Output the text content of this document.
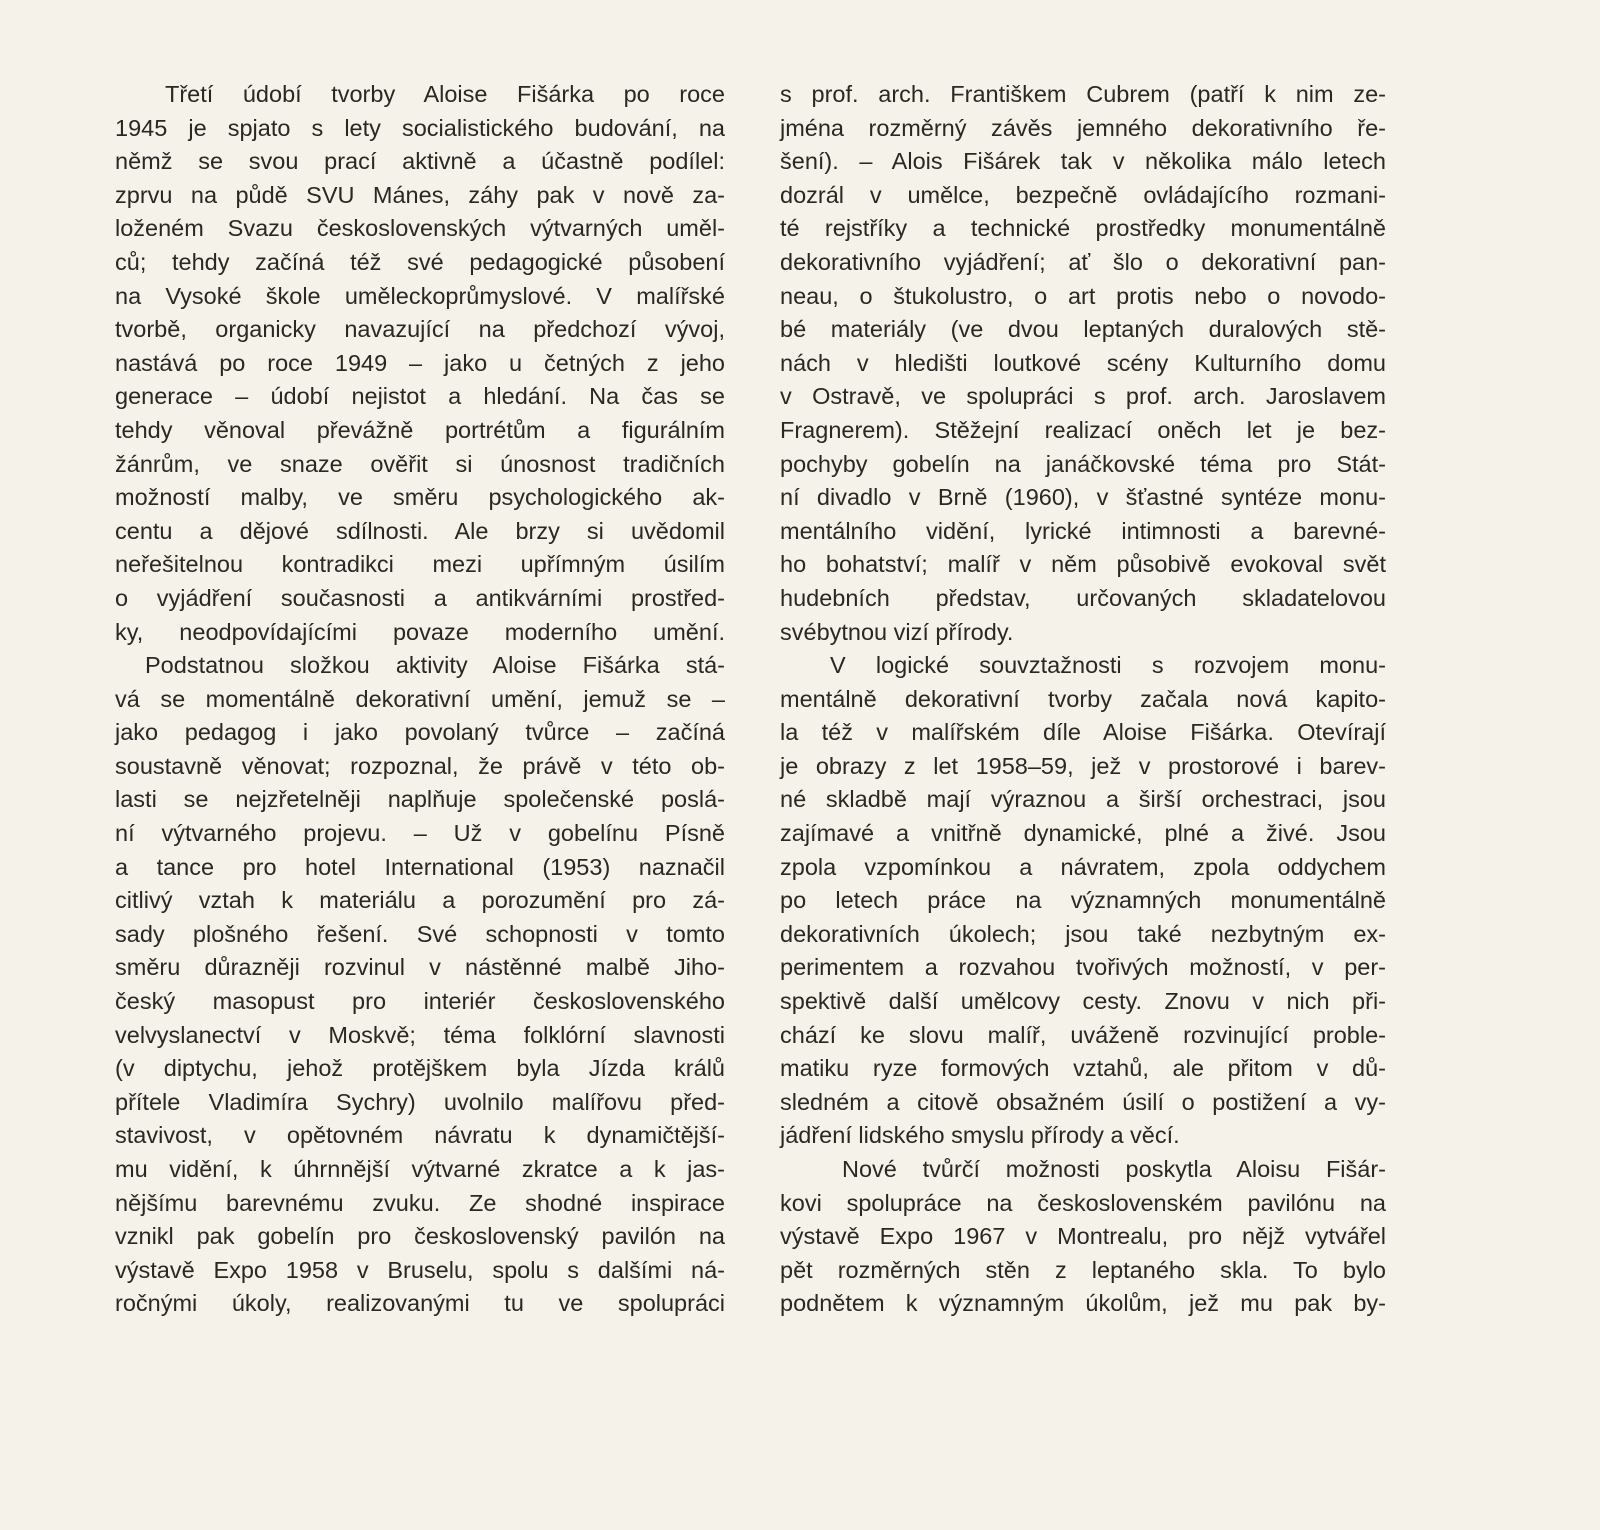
Třetí údobí tvorby Aloise Fišárka po roce
1945 je spjato s lety socialistického budování, na
němž se svou prací aktivně a účastně podílel:
zprvu na půdě SVU Mánes, záhy pak v nově za-
loženém Svazu československých výtvarných uměl-
ců; tehdy začíná též své pedagogické působení
na Vysoké škole uměleckoprůmyslové. V malířské
tvorbě, organicky navazující na předchozí vývoj,
nastává po roce 1949 – jako u četných z jeho
generace – údobí nejistot a hledání. Na čas se
tehdy věnoval převážně portrétům a figurálním
žánrům, ve snaze ověřit si únosnost tradičních
možností malby, ve směru psychologického ak-
centu a dějové sdílnosti. Ale brzy si uvědomil
neřešitelnou kontradikci mezi upřímným úsilím
o vyjádření současnosti a antikvárními prostřed-
ky, neodpovídajícími povaze moderního umění.
Podstatnou složkou aktivity Aloise Fišárka stá-
vá se momentálně dekorativní umění, jemuž se –
jako pedagog i jako povolaný tvůrce – začíná
soustavně věnovat; rozpoznal, že právě v této ob-
lasti se nejzřetelněji naplňuje společenské poslá-
ní výtvarného projevu. – Už v gobelínu Písně
a tance pro hotel International (1953) naznačil
citlivý vztah k materiálu a porozumění pro zá-
sady plošného řešení. Své schopnosti v tomto
směru důrazněji rozvinul v nástěnné malbě Jiho-
český masopust pro interiér československého
velvyslanectví v Moskvě; téma folklórní slavnosti
(v diptychu, jehož protějškem byla Jízda králů
přítele Vladimíra Sychry) uvolnilo malířovu před-
stavivost, v opětovném návratu k dynamičtější-
mu vidění, k úhrnnější výtvarné zkratce a k jas-
nějšímu barevnému zvuku. Ze shodné inspirace
vznikl pak gobelín pro československý pavilón na
výstavě Expo 1958 v Bruselu, spolu s dalšími ná-
ročnými úkoly, realizovanými tu ve spolupráci
s prof. arch. Františkem Cubrem (patří k nim ze-
jména rozměrný závěs jemného dekorativního ře-
šení). – Alois Fišárek tak v několika málo letech
dozrál v umělce, bezpečně ovládajícího rozmani-
té rejstříky a technické prostředky monumentálně
dekorativního vyjádření; ať šlo o dekorativní pan-
neau, o štukolustro, o art protis nebo o novodo-
bé materiály (ve dvou leptaných duralových stě-
nách v hledišti loutkové scény Kulturního domu
v Ostravě, ve spolupráci s prof. arch. Jaroslavem
Fragnerem). Stěžejní realizací oněch let je bez-
pochyby gobelín na janáčkovské téma pro Stát-
ní divadlo v Brně (1960), v šťastné syntéze monu-
mentálního vidění, lyrické intimnosti a barevné-
ho bohatství; malíř v něm působivě evokoval svět
hudebních představ, určovaných skladatelovou
svébytnou vizí přírody.
V logické souvztažnosti s rozvojem monu-
mentálně dekorativní tvorby začala nová kapito-
la též v malířském díle Aloise Fišárka. Otevírají
je obrazy z let 1958–59, jež v prostorové i barev-
né skladbě mají výraznou a širší orchestraci, jsou
zajímavé a vnitřně dynamické, plné a živé. Jsou
zpola vzpomínkou a návratem, zpola oddychem
po letech práce na významných monumentálně
dekorativních úkolech; jsou také nezbytným ex-
perimentem a rozvahou tvořivých možností, v per-
spektivě další umělcovy cesty. Znovu v nich při-
chází ke slovu malíř, uváženě rozvinující proble-
matiku ryze formových vztahů, ale přitom v dů-
sledném a citově obsažném úsilí o postižení a vy-
jádření lidského smyslu přírody a věcí.
Nové tvůrčí možnosti poskytla Aloisu Fišár-
kovi spolupráce na československém pavilónu na
výstavě Expo 1967 v Montrealu, pro nějž vytvářel
pět rozměrných stěn z leptaného skla. To bylo
podnětem k významným úkolům, jež mu pak by-
